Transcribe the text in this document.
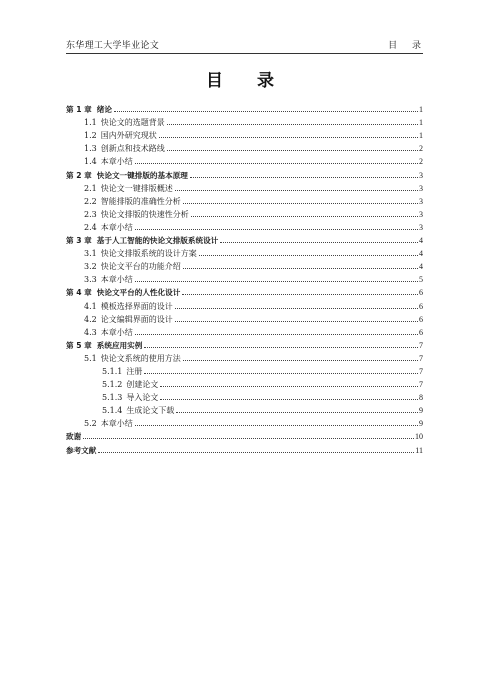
东华理工大学毕业论文	目 录
目 录
第 1 章 绪论	1
1.1 快论文的选题背景	1
1.2 国内外研究现状	1
1.3 创新点和技术路线	2
1.4 本章小结	2
第 2 章 快论文一键排版的基本原理	3
2.1 快论文一键排版概述	3
2.2 智能排版的准确性分析	3
2.3 快论文排版的快速性分析	3
2.4 本章小结	3
第 3 章 基于人工智能的快论文排版系统设计	4
3.1 快论文排版系统的设计方案	4
3.2 快论文平台的功能介绍	4
3.3 本章小结	5
第 4 章 快论文平台的人性化设计	6
4.1 模板选择界面的设计	6
4.2 论文编辑界面的设计	6
4.3 本章小结	6
第 5 章 系统应用实例	7
5.1 快论文系统的使用方法	7
5.1.1 注册	7
5.1.2 创建论文	7
5.1.3 导入论文	8
5.1.4 生成论文下载	9
5.2 本章小结	9
致谢	10
参考文献	11
